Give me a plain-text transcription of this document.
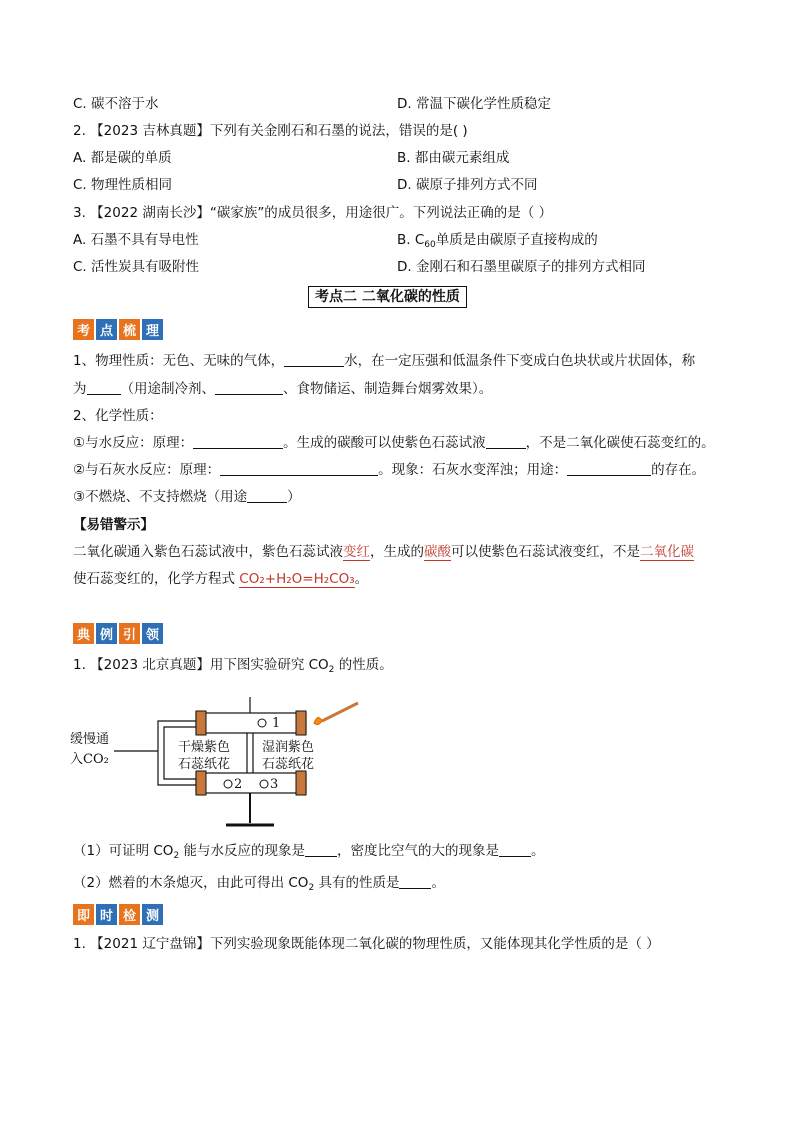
C. 碳不溶于水	D. 常温下碳化学性质稳定
2. 【2023 吉林真题】下列有关金刚石和石墨的说法，错误的是( )
A. 都是碳的单质	B. 都由碳元素组成
C. 物理性质相同	D. 碳原子排列方式不同
3. 【2022 湖南长沙】“碳家族”的成员很多，用途很广。下列说法正确的是（ ）
A. 石墨不具有导电性	B. $C_{60}$单质是由碳原子直接构成的
C. 活性炭具有吸附性	D. 金刚石和石墨里碳原子的排列方式相同
考点二 二氧化碳的性质
考 点 梳 理
1、物理性质：无色、无味的气体，	水，在一定压强和低温条件下变成白色块状或片状固体，称
为	（用途制冷剂、	、食物储运、制造舞台烟雾效果）。
2、化学性质：
①与水反应：原理：	。生成的碳酸可以使紫色石蕊试液	，不是二氧化碳使石蕊变红的。
②与石灰水反应：原理：	。现象：石灰水变浑浊；用途：	的存在。
③不燃烧、不支持燃烧（用途	）
【易错警示】
二氧化碳通入紫色石蕊试液中，紫色石蕊试液变红，生成的碳酸可以使紫色石蕊试液变红，不是二氧化碳
使石蕊变红的，化学方程式 CO₂+H₂O=H₂CO₃。
典 例 引 领
1. 【2023 北京真题】用下图实验研究 $CO_2$ 的性质。
缓慢通
入CO₂
1
2 3
干燥紫色
石蕊纸花
湿润紫色
石蕊纸花
（1）可证明 $CO_2$ 能与水反应的现象是 ，密度比空气的大的现象是 。
（2）燃着的木条熄灭，由此可得出 $CO_2$ 具有的性质是 。
即 时 检 测
1. 【2021 辽宁盘锦】下列实验现象既能体现二氧化碳的物理性质，又能体现其化学性质的是（ ）
